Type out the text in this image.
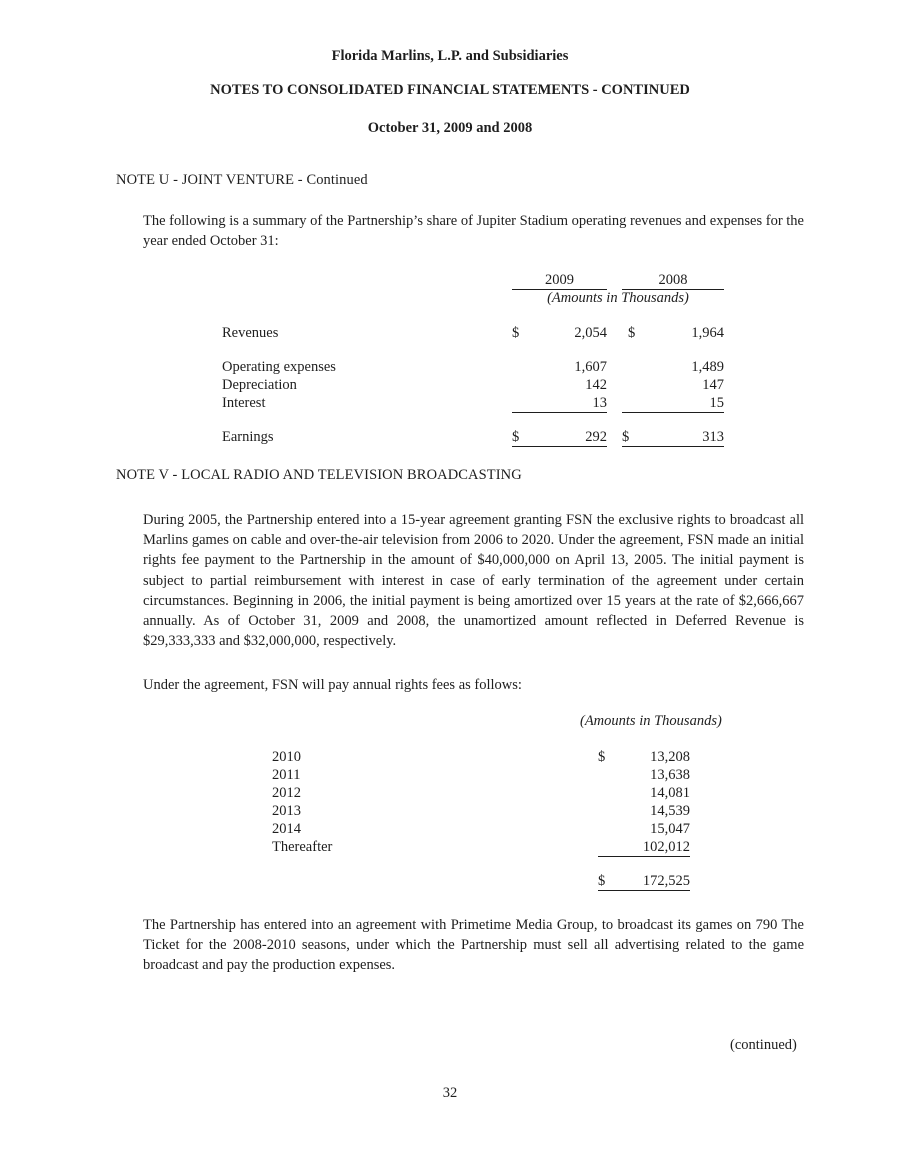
Florida Marlins, L.P. and Subsidiaries
NOTES TO CONSOLIDATED FINANCIAL STATEMENTS - CONTINUED
October 31, 2009 and 2008
NOTE U - JOINT VENTURE - Continued
The following is a summary of the Partnership’s share of Jupiter Stadium operating revenues and expenses for the year ended October 31:
2009	2008
(Amounts in Thousands)
Revenues	$	2,054 $	1,964
Operating expenses	1,607	1,489
Depreciation	142	147
Interest	13	15
Earnings	$	292 $	313
NOTE V - LOCAL RADIO AND TELEVISION BROADCASTING
During 2005, the Partnership entered into a 15-year agreement granting FSN the exclusive rights to broadcast all Marlins games on cable and over-the-air television from 2006 to 2020. Under the agreement, FSN made an initial rights fee payment to the Partnership in the amount of $40,000,000 on April 13, 2005. The initial payment is subject to partial reimbursement with interest in case of early termination of the agreement under certain circumstances. Beginning in 2006, the initial payment is being amortized over 15 years at the rate of $2,666,667 annually. As of October 31, 2009 and 2008, the unamortized amount reflected in Deferred Revenue is $29,333,333 and $32,000,000, respectively.
Under the agreement, FSN will pay annual rights fees as follows:
(Amounts in Thousands)
2010	$	13,208
2011	13,638
2012	14,081
2013	14,539
2014	15,047
Thereafter	102,012
$	172,525
The Partnership has entered into an agreement with Primetime Media Group, to broadcast its games on 790 The Ticket for the 2008-2010 seasons, under which the Partnership must sell all advertising related to the game broadcast and pay the production expenses.
(continued)
32
